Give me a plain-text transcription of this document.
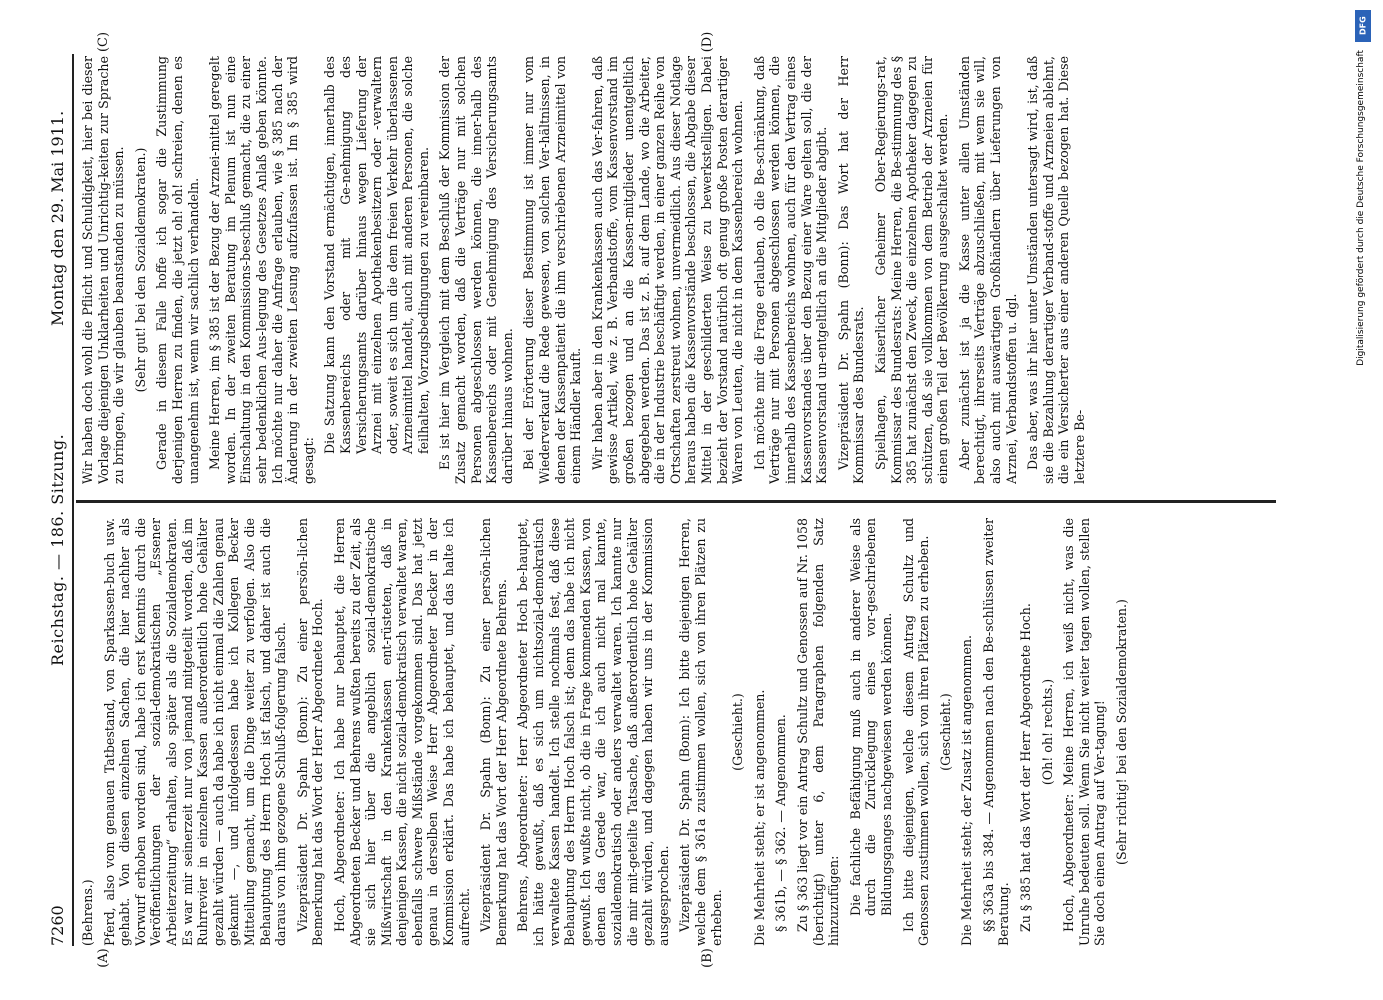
7260
Reichstag. — 186. Sitzung.
Montag den 29. Mai 1911.
(A)	(B)
(C)	(D)

(Behrens.) Pferd, also vom genauen Tatbestand, von Sparkassen-buch usw. gehabt. Von diesen einzelnen Sachen, die hier nachher als Vorwurf erhoben worden sind, habe ich erst Kenntnis durch die Veröffentlichungen der sozial-demokratischen „Essener Arbeiterzeitung“ erhalten, also später als die Sozialdemokraten. Es war mir seinerzeit nur von jemand mitgeteilt worden, daß im Ruhrrevier in einzelnen Kassen außerordentlich hohe Gehälter gezahlt würden — auch da habe ich nicht einmal die Zahlen genau gekannt —, und infolgedessen habe ich Kollegen Becker Mitteilung gemacht, um die Dinge weiter zu verfolgen. Also die Behauptung des Herrn Hoch ist falsch, und daher ist auch die daraus von ihm gezogene Schluß-folgerung falsch. Vizepräsident Dr. Spahn (Bonn): Zu einer persön-lichen Bemerkung hat das Wort der Herr Abgeordnete Hoch. Hoch, Abgeordneter: Ich habe nur behauptet, die Herren Abgeordneten Becker und Behrens wußten bereits zu der Zeit, als sie sich hier über die angeblich sozial-demokratische Mißwirtschaft in den Krankenkassen ent-rüsteten, daß in denjenigen Kassen, die nicht sozial-demokratisch verwaltet waren, ebenfalls schwere Mißstände vorgekommen sind. Das hat jetzt genau in derselben Weise Herr Abgeordneter Becker in der Kommission erklärt. Das habe ich behauptet, und das halte ich aufrecht. Vizepräsident Dr. Spahn (Bonn): Zu einer persön-lichen Bemerkung hat das Wort der Herr Abgeordnete Behrens. Behrens, Abgeordneter: Herr Abgeordneter Hoch be-hauptet, ich hätte gewußt, daß es sich um nichtsozial-demokratisch verwaltete Kassen handelt. Ich stelle nochmals fest, daß diese Behauptung des Herrn Hoch falsch ist; denn das habe ich nicht gewußt. Ich wußte nicht, ob die in Frage kommenden Kassen, von denen das Gerede war, die ich auch nicht mal kannte, sozialdemokratisch oder anders verwaltet waren. Ich kannte nur die mir mit-geteilte Tatsache, daß außerordentlich hohe Gehälter gezahlt würden, und dagegen haben wir uns in der Kommission ausgesprochen. Vizepräsident Dr. Spahn (Bonn): Ich bitte diejenigen Herren, welche dem § 361a zustimmen wollen, sich von ihren Plätzen zu erheben.

(Geschieht.) Die Mehrheit steht; er ist angenommen. § 361b, — § 362. — Angenommen. Zu § 363 liegt vor ein Antrag Schultz und Genossen auf Nr. 1058 (berichtigt) unter 6, dem Paragraphen folgenden Satz hinzuzufügen: Die fachliche Befähigung muß auch in anderer Weise als durch die Zurücklegung eines vor-geschriebenen Bildungsganges nachgewiesen werden können. Ich bitte diejenigen, welche diesem Antrag Schultz und Genossen zustimmen wollen, sich von ihren Plätzen zu erheben. (Geschieht.) Die Mehrheit steht; der Zusatz ist angenommen. §§ 363a bis 384. — Angenommen nach den Be-schlüssen zweiter Beratung. Zu § 385 hat das Wort der Herr Abgeordnete Hoch. (Oh! oh! rechts.) Hoch, Abgeordneter: Meine Herren, ich weiß nicht, was die Unruhe bedeuten soll. Wenn Sie nicht weiter tagen wollen, stellen Sie doch einen Antrag auf Ver-tagung! (Sehr richtig! bei den Sozialdemokraten.)

Wir haben doch wohl die Pflicht und Schuldigkeit, hier bei dieser Vorlage diejenigen Unklarheiten und Unrichtig-keiten zur Sprache zu bringen, die wir glauben beanstanden zu müssen. (Sehr gut! bei den Sozialdemokraten.) Gerade in diesem Falle hoffe ich sogar die Zustimmung derjenigen Herren zu finden, die jetzt oh! oh! schreien, denen es unangenehm ist, wenn wir sachlich verhandeln. Meine Herren, im § 385 ist der Bezug der Arznei-mittel geregelt worden. In der zweiten Beratung im Plenum ist nun eine Einschaltung in den Kommissions-beschluß gemacht, die zu einer sehr bedenklichen Aus-legung des Gesetzes Anlaß geben könnte. Ich möchte nur daher die Anfrage erlauben, wie § 385 nach der Änderung in der zweiten Lesung aufzufassen ist. Im § 385 wird gesagt:

Die Satzung kann den Vorstand ermächtigen, innerhalb des Kassenbereichs oder mit Ge-nehmigung des Versicherungsamts darüber hinaus wegen Lieferung der Arznei mit einzelnen Apothekenbesitzern oder -verwaltern oder, soweit es sich um die dem freien Verkehr überlassenen Arzneimittel handelt, auch mit anderen Personen, die solche feilhalten, Vorzugsbedingungen zu vereinbaren. Es ist hier im Vergleich mit dem Beschluß der Kommission der Zusatz gemacht worden, daß die Verträge nur mit solchen Personen abgeschlossen werden können, die inner-halb des Kassenbereichs oder mit Genehmigung des Versicherungsamts darüber hinaus wohnen. Bei der Erörterung dieser Bestimmung ist immer nur vom Wiederverkauf die Rede gewesen, von solchen Ver-hältnissen, in denen der Kassenpatient die ihm verschriebenen Arzneimittel von einem Händler kauft. Wir haben aber in den Krankenkassen auch das Ver-fahren, daß gewisse Artikel, wie z. B. Verbandstoffe, vom Kassenvorstand im großen bezogen und an die Kassen-mitglieder unentgeltlich abgegeben werden. Das ist z. B. auf dem Lande, wo die Arbeiter, die in der Industrie beschäftigt werden, in einer ganzen Reihe von Ortschaften zerstreut wohnen, unvermeidlich. Aus dieser Notlage heraus haben die Kassenvorstände beschlossen, die Abgabe dieser Mittel in der geschilderten Weise zu bewerkstelligen. Dabei bezieht der Vorstand natürlich oft genug große Posten derartiger Waren von Leuten, die nicht in dem Kassenbereich wohnen. Ich möchte mir die Frage erlauben, ob die Be-schränkung, daß Verträge nur mit Personen abgeschlossen werden können, die innerhalb des Kassenbereichs wohnen, auch für den Vertrag eines Kassenvorstandes über den Bezug einer Ware gelten soll, die der Kassenvorstand un-entgeltlich an die Mitglieder abgibt. Vizepräsident Dr. Spahn (Bonn): Das Wort hat der Herr Kommissar des Bundesrats. Spielhagen, Kaiserlicher Geheimer Ober-Regierungs-rat, Kommissar des Bundesrats: Meine Herren, die Be-stimmung des § 385 hat zunächst den Zweck, die einzelnen Apotheker dagegen zu schützen, daß sie vollkommen von dem Betrieb der Arzneien für einen großen Teil der Bevölkerung ausgeschaltet werden. Aber zunächst ist ja die Kasse unter allen Umständen berechtigt, ihrerseits Verträge abzuschließen, mit wem sie will, also auch mit auswärtigen Großhändlern über Lieferungen von Arznei, Verbandstoffen u. dgl. Das aber, was ihr hier unter Umständen untersagt wird, ist, daß sie die Bezahlung derartiger Verband-stoffe und Arzneien ablehnt, die ein Versicherter aus einer anderen Quelle bezogen hat. Diese letztere Be-

DFG
Digitalisierung gefördert durch die Deutsche Forschungsgemeinschaft
